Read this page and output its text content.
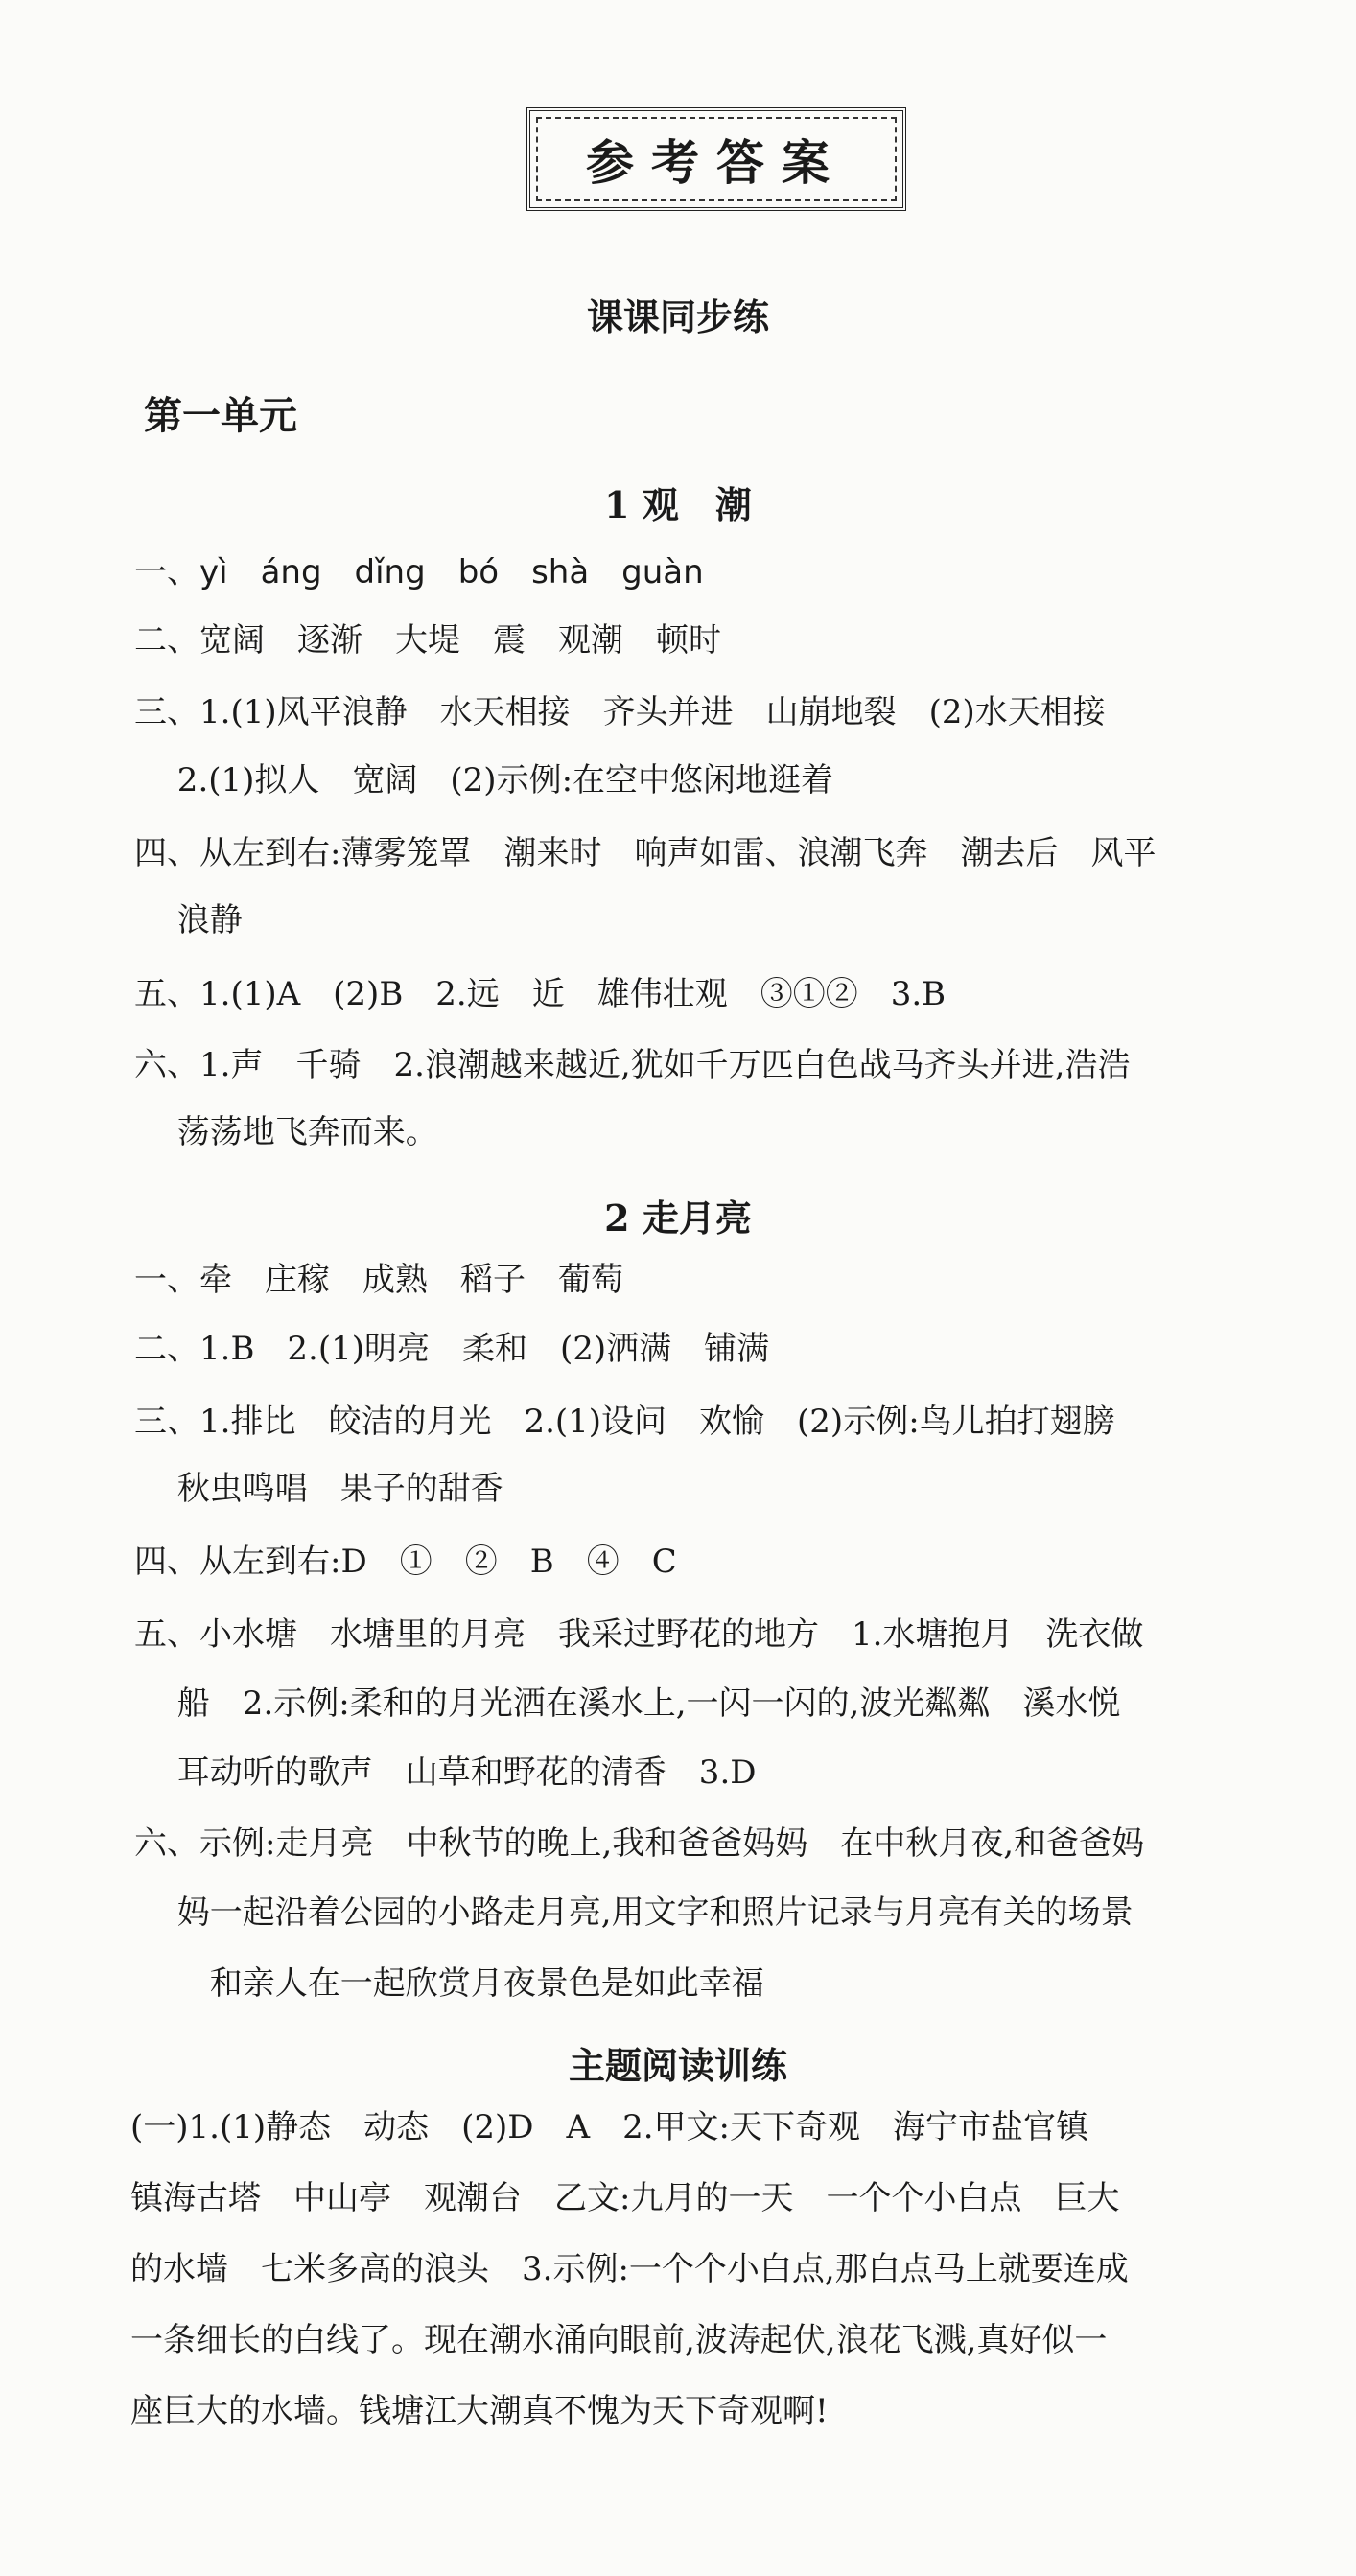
参考答案
课课同步练
第一单元
1 观　潮
一、yì　áng　dǐng　bó　shà　guàn
二、宽阔　逐渐　大堤　震　观潮　顿时
三、1.(1)风平浪静　水天相接　齐头并进　山崩地裂　(2)水天相接
　 2.(1)拟人　宽阔　(2)示例:在空中悠闲地逛着
四、从左到右:薄雾笼罩　潮来时　响声如雷、浪潮飞奔　潮去后　风平
　 浪静
五、1.(1)A　(2)B　2.远　近　雄伟壮观　③①②　3.B
六、1.声　千骑　2.浪潮越来越近,犹如千万匹白色战马齐头并进,浩浩
　 荡荡地飞奔而来。
2 走月亮
一、牵　庄稼　成熟　稻子　葡萄
二、1.B　2.(1)明亮　柔和　(2)洒满　铺满
三、1.排比　皎洁的月光　2.(1)设问　欢愉　(2)示例:鸟儿拍打翅膀
　 秋虫鸣唱　果子的甜香
四、从左到右:D　①　②　B　④　C
五、小水塘　水塘里的月亮　我采过野花的地方　1.水塘抱月　洗衣做
　 船　2.示例:柔和的月光洒在溪水上,一闪一闪的,波光粼粼　溪水悦
　 耳动听的歌声　山草和野花的清香　3.D
六、示例:走月亮　中秋节的晚上,我和爸爸妈妈　在中秋月夜,和爸爸妈
　 妈一起沿着公园的小路走月亮,用文字和照片记录与月亮有关的场景
　 　和亲人在一起欣赏月夜景色是如此幸福
主题阅读训练
(一)1.(1)静态　动态　(2)D　A　2.甲文:天下奇观　海宁市盐官镇
镇海古塔　中山亭　观潮台　乙文:九月的一天　一个个小白点　巨大
的水墙　七米多高的浪头　3.示例:一个个小白点,那白点马上就要连成
一条细长的白线了。现在潮水涌向眼前,波涛起伏,浪花飞溅,真好似一
座巨大的水墙。钱塘江大潮真不愧为天下奇观啊!
